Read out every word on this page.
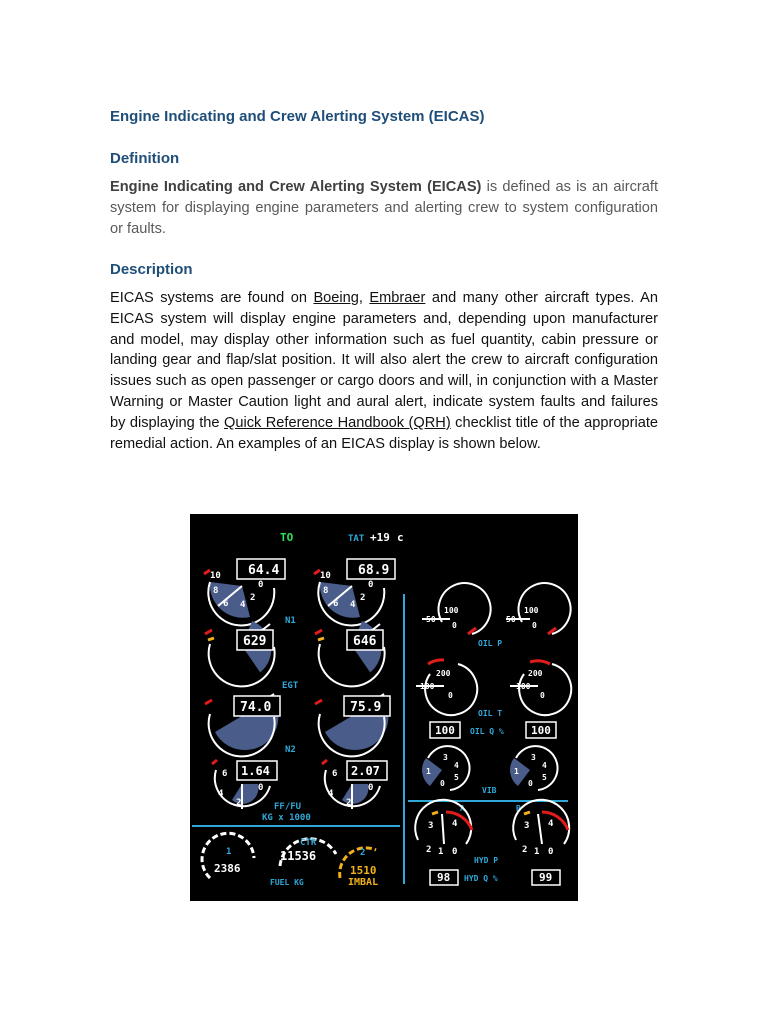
Engine Indicating and Crew Alerting System (EICAS)
Definition
Engine Indicating and Crew Alerting System (EICAS) is defined as is an aircraft system for displaying engine parameters and alerting crew to system configuration or faults.
Description
EICAS systems are found on Boeing, Embraer and many other aircraft types. An EICAS system will display engine parameters and, depending upon manufacturer and model, may display other information such as fuel quantity, cabin pressure or landing gear and flap/slat position. It will also alert the crew to aircraft configuration issues such as open passenger or cargo doors and will, in conjunction with a Master Warning or Master Caution light and aural alert, indicate system faults and failures by displaying the Quick Reference Handbook (QRH) checklist title of the appropriate remedial action. An examples of an EICAS display is shown below.
TO	TAT +19 c
64.4
10
8
6 4
2
0
68.9
10
8
6 4
2
0
N1
629	646
EGT
74.0	75.9
N2
1.64
6
4
2
0
2.07
6
4
2
0
FF/FU
KG x 1000
100
50
0
100
50
0
OIL P
200
100
0
200
100
0
OIL T
100 OIL Q % 100
3
4
1
5
0
3
4
1
5
0
VIB
A	B
3 4
2 1 0
3 4
2 1 0
HYD P
98 HYD Q %	99
1
2386
CTR
11536	2
1510
IMBAL
FUEL KG
